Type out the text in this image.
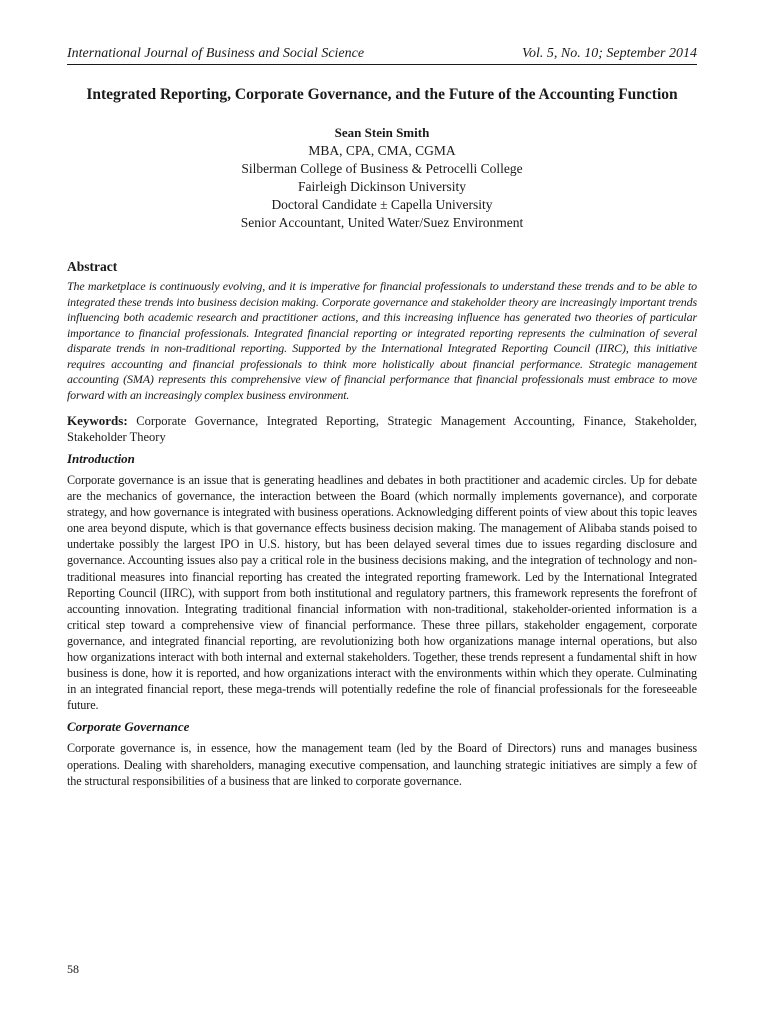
International Journal of Business and Social Science	Vol. 5, No. 10; September 2014
Integrated Reporting, Corporate Governance, and the Future of the Accounting Function
Sean Stein Smith
MBA, CPA, CMA, CGMA
Silberman College of Business & Petrocelli College
Fairleigh Dickinson University
Doctoral Candidate ± Capella University
Senior Accountant, United Water/Suez Environment
Abstract
The marketplace is continuously evolving, and it is imperative for financial professionals to understand these trends and to be able to integrated these trends into business decision making. Corporate governance and stakeholder theory are increasingly important trends influencing both academic research and practitioner actions, and this increasing influence has generated two theories of particular importance to financial professionals. Integrated financial reporting or integrated reporting represents the culmination of several disparate trends in non-traditional reporting. Supported by the International Integrated Reporting Council (IIRC), this initiative requires accounting and financial professionals to think more holistically about financial performance. Strategic management accounting (SMA) represents this comprehensive view of financial performance that financial professionals must embrace to move forward with an increasingly complex business environment.
Keywords: Corporate Governance, Integrated Reporting, Strategic Management Accounting, Finance, Stakeholder, Stakeholder Theory
Introduction
Corporate governance is an issue that is generating headlines and debates in both practitioner and academic circles. Up for debate are the mechanics of governance, the interaction between the Board (which normally implements governance), and corporate strategy, and how governance is integrated with business operations. Acknowledging different points of view about this topic leaves one area beyond dispute, which is that governance effects business decision making. The management of Alibaba stands poised to undertake possibly the largest IPO in U.S. history, but has been delayed several times due to issues regarding disclosure and governance. Accounting issues also pay a critical role in the business decisions making, and the integration of technology and non-traditional measures into financial reporting has created the integrated reporting framework. Led by the International Integrated Reporting Council (IIRC), with support from both institutional and regulatory partners, this framework represents the forefront of accounting innovation. Integrating traditional financial information with non-traditional, stakeholder-oriented information is a critical step toward a comprehensive view of financial performance. These three pillars, stakeholder engagement, corporate governance, and integrated financial reporting, are revolutionizing both how organizations manage internal operations, but also how organizations interact with both internal and external stakeholders. Together, these trends represent a fundamental shift in how business is done, how it is reported, and how organizations interact with the environments within which they operate. Culminating in an integrated financial report, these mega-trends will potentially redefine the role of financial professionals for the foreseeable future.
Corporate Governance
Corporate governance is, in essence, how the management team (led by the Board of Directors) runs and manages business operations. Dealing with shareholders, managing executive compensation, and launching strategic initiatives are simply a few of the structural responsibilities of a business that are linked to corporate governance.
58
